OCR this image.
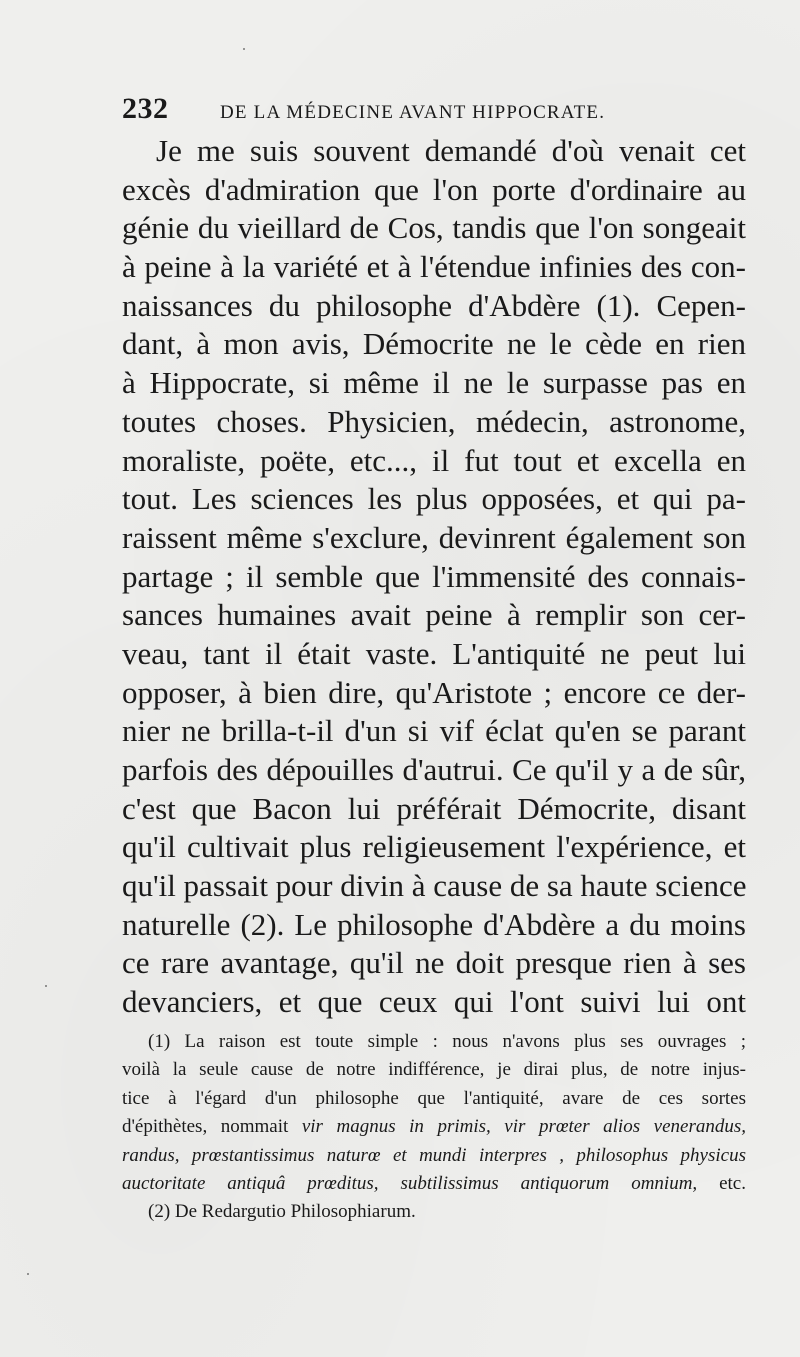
232	DE LA MÉDECINE AVANT HIPPOCRATE.
Je me suis souvent demandé d'où venait cet
excès d'admiration que l'on porte d'ordinaire au
génie du vieillard de Cos, tandis que l'on songeait
à peine à la variété et à l'étendue infinies des con-
naissances du philosophe d'Abdère (1). Cepen-
dant, à mon avis, Démocrite ne le cède en rien
à Hippocrate, si même il ne le surpasse pas en
toutes choses. Physicien, médecin, astronome,
moraliste, poëte, etc..., il fut tout et excella en
tout. Les sciences les plus opposées, et qui pa-
raissent même s'exclure, devinrent également son
partage ; il semble que l'immensité des connais-
sances humaines avait peine à remplir son cer-
veau, tant il était vaste. L'antiquité ne peut lui
opposer, à bien dire, qu'Aristote ; encore ce der-
nier ne brilla-t-il d'un si vif éclat qu'en se parant
parfois des dépouilles d'autrui. Ce qu'il y a de sûr,
c'est que Bacon lui préférait Démocrite, disant
qu'il cultivait plus religieusement l'expérience, et
qu'il passait pour divin à cause de sa haute science
naturelle (2). Le philosophe d'Abdère a du moins
ce rare avantage, qu'il ne doit presque rien à ses
devanciers, et que ceux qui l'ont suivi lui ont
(1) La raison est toute simple : nous n'avons plus ses ouvrages ;
voilà la seule cause de notre indifférence, je dirai plus, de notre injus-
tice à l'égard d'un philosophe que l'antiquité, avare de ces sortes
d'épithètes, nommait vir magnus in primis, vir prœter alios venerandus,
randus, prœstantissimus naturœ et mundi interpres , philosophus physicus
auctoritate antiquâ prœditus, subtilissimus antiquorum omnium, etc.
(2) De Redargutio Philosophiarum.
